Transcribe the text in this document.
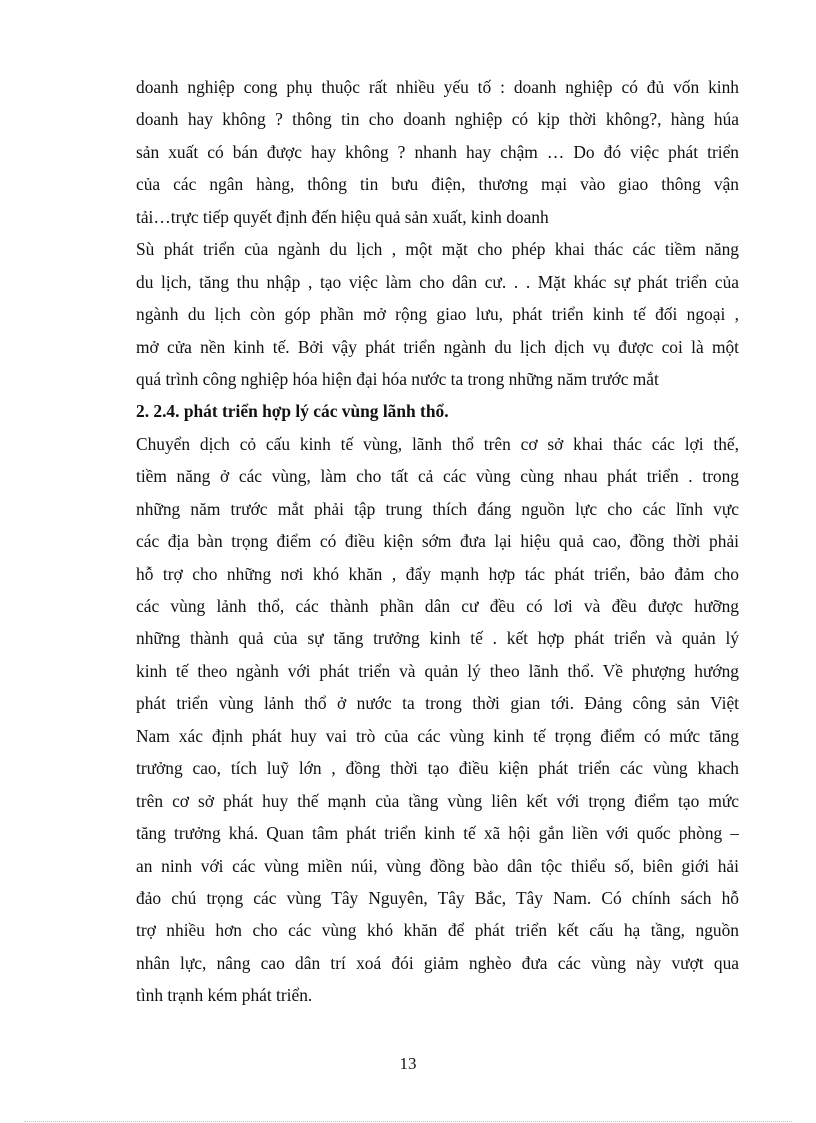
doanh nghiệp cong phụ thuộc rất nhiều yếu tố : doanh nghiệp có đủ vốn kinh
doanh hay không ? thông tin cho doanh nghiệp có kịp thời không?, hàng húa
sản xuất có bán được hay không ? nhanh hay chậm … Do đó việc phát triển
của các ngân hàng, thông tin bưu điện, thương mại vào giao thông vận
tải…trực tiếp quyết định đến hiệu quả sản xuất, kinh doanh
Sù phát triển của ngành du lịch , một mặt cho phép khai thác các tiềm năng
du lịch, tăng thu nhập , tạo việc làm cho dân cư. . . Mặt khác sự phát triển của
ngành du lịch còn góp phần mở rộng giao lưu, phát triển kinh tế đối ngoại ,
mở cửa nền kinh tế. Bởi vậy phát triển ngành du lịch dịch vụ được coi là một
quá trình công nghiệp hóa hiện đại hóa nước ta trong những năm trước mắt
2. 2.4. phát triển hợp lý các vùng lãnh thổ.
Chuyển dịch cỏ cấu kinh tế vùng, lãnh thổ trên cơ sở khai thác các lợi thế,
tiềm năng ở các vùng, làm cho tất cả các vùng cùng nhau phát triển . trong
những năm trước mắt phải tập trung thích đáng nguồn lực cho các lĩnh vực
các địa bàn trọng điểm có điều kiện sớm đưa lại hiệu quả cao, đồng thời phải
hỗ trợ cho những nơi khó khăn , đẩy mạnh hợp tác phát triển, bảo đảm cho
các vùng lảnh thổ, các thành phần dân cư đều có lơi và đều được hưỡng
những thành quả của sự tăng trưởng kinh tế . kết hợp phát triển và quản lý
kinh tế theo ngành với phát triển và quản lý theo lãnh thổ. Về phượng hướng
phát triển vùng lảnh thổ ở nước ta trong thời gian tới. Đảng công sản Việt
Nam xác định phát huy vai trò của các vùng kinh tế trọng điểm có mức tăng
trưởng cao, tích luỹ lớn , đồng thời tạo điều kiện phát triển các vùng khach
trên cơ sở phát huy thế mạnh của tầng vùng liên kết với trọng điểm tạo mức
tăng trưởng khá. Quan tâm phát triển kinh tế xã hội gắn liền với quốc phòng –
an ninh với các vùng miền núi, vùng đồng bào dân tộc thiểu số, biên giới hải
đảo chú trọng các vùng Tây Nguyên, Tây Bắc, Tây Nam. Có chính sách hỗ
trợ nhiều hơn cho các vùng khó khăn để phát triển kết cấu hạ tầng, nguồn
nhân lực, nâng cao dân trí xoá đói giảm nghèo đưa các vùng này vượt qua
tình trạnh kém phát triển.
13
